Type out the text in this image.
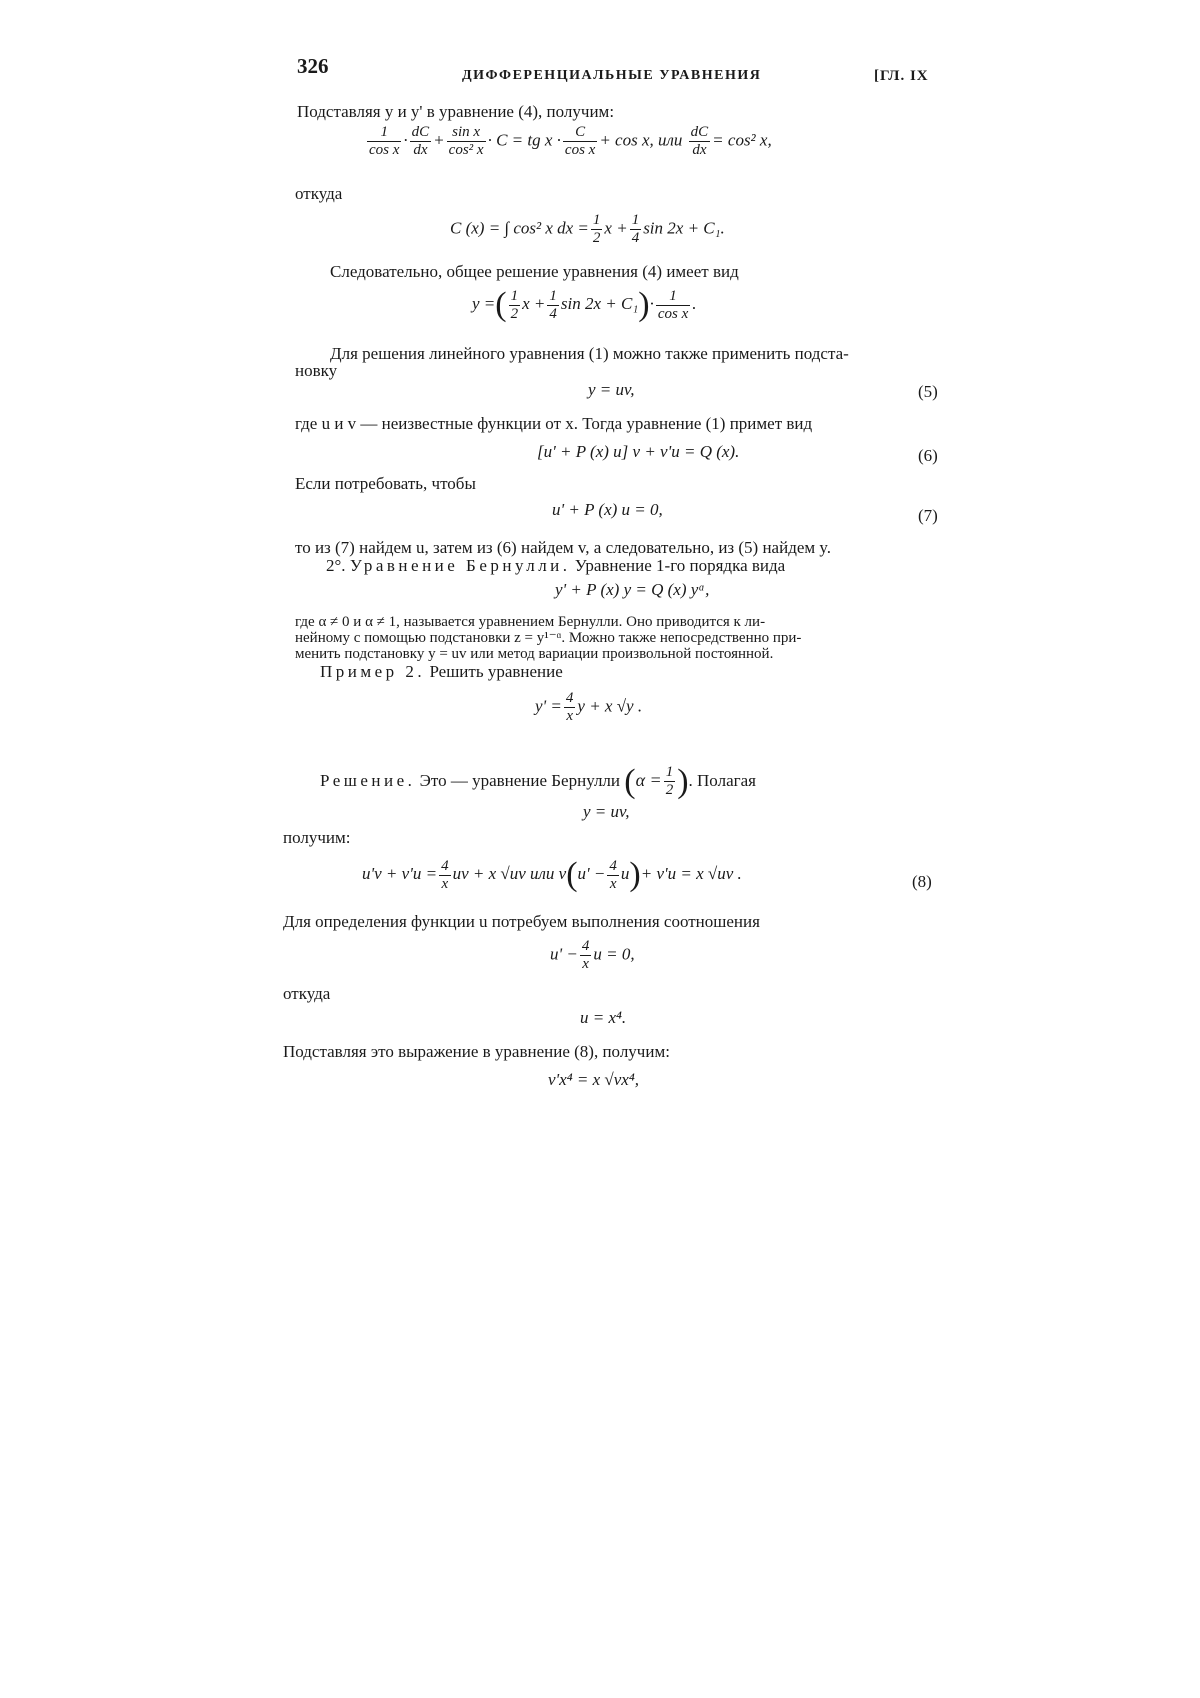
326	ДИФФЕРЕНЦИАЛЬНЫЕ УРАВНЕНИЯ	[ГЛ. IX
Подставляя y и y' в уравнение (4), получим:
$\frac{1}{\text{cos x}} \cdot \frac{dC}{dx} + \frac{\text{sin x}}{\text{cos² x}} \cdot C$ = tg $x \cdot \frac{C}{\text{cos x}} + \cos x$, или $\frac{dC}{dx} = \cos^2$ x,
откуда
C (x) = ∫ cos² x dx = $\frac{1}{2}$ $x + \frac{1}{4}$ sin 2x + C₁.
Следовательно, общее решение уравнения (4) имеет вид
y =( $\frac{1}{2}$ $x + \frac{1}{4}$ $\sin 2x + C_1)\cdot \frac{1}{\text{cos x}}$ .
Для решения линейного уравнения (1) можно также применить подста-
новку
y = uv,	(5)
где u и v — неизвестные функции от x. Тогда уравнение (1) примет вид
[u' + P (x) u] v + v'u = Q (x).	(6)
Если потребовать, чтобы
u' + P (x) u = 0,	(7)
то из (7) найдем u, затем из (6) найдем v, а следовательно, из (5) найдем y.
2°. Уравнение Бернулли. Уравнение 1-го порядка вида
y' + P (x) y = Q (x) yᵅ,
где α ≠ 0 и α ≠ 1, называется уравнением Бернулли. Оно приводится к ли-
нейному с помощью подстановки z = y¹⁻ᵅ. Можно также непосредственно при-
менить подстановку y = uv или метод вариации произвольной постоянной.
Пример 2. Решить уравнение
$y' = \frac{4}{x}$ y + x √y .
Решение. Это — уравнение Бернулли ($\alpha = \frac{1}{2}$ ). Полагая
y = uv,
получим:
$u'v + v'u = \frac{4}{x}$ uv + x √uv или $v(u' - \frac{4}{x} u)+ v'u = x$ √uv .	(8)
Для определения функции u потребуем выполнения соотношения
$u' - \frac{4}{x}$ u = 0,
откуда
u = x⁴.
Подставляя это выражение в уравнение (8), получим:
v'x⁴ = x √vx⁴,
